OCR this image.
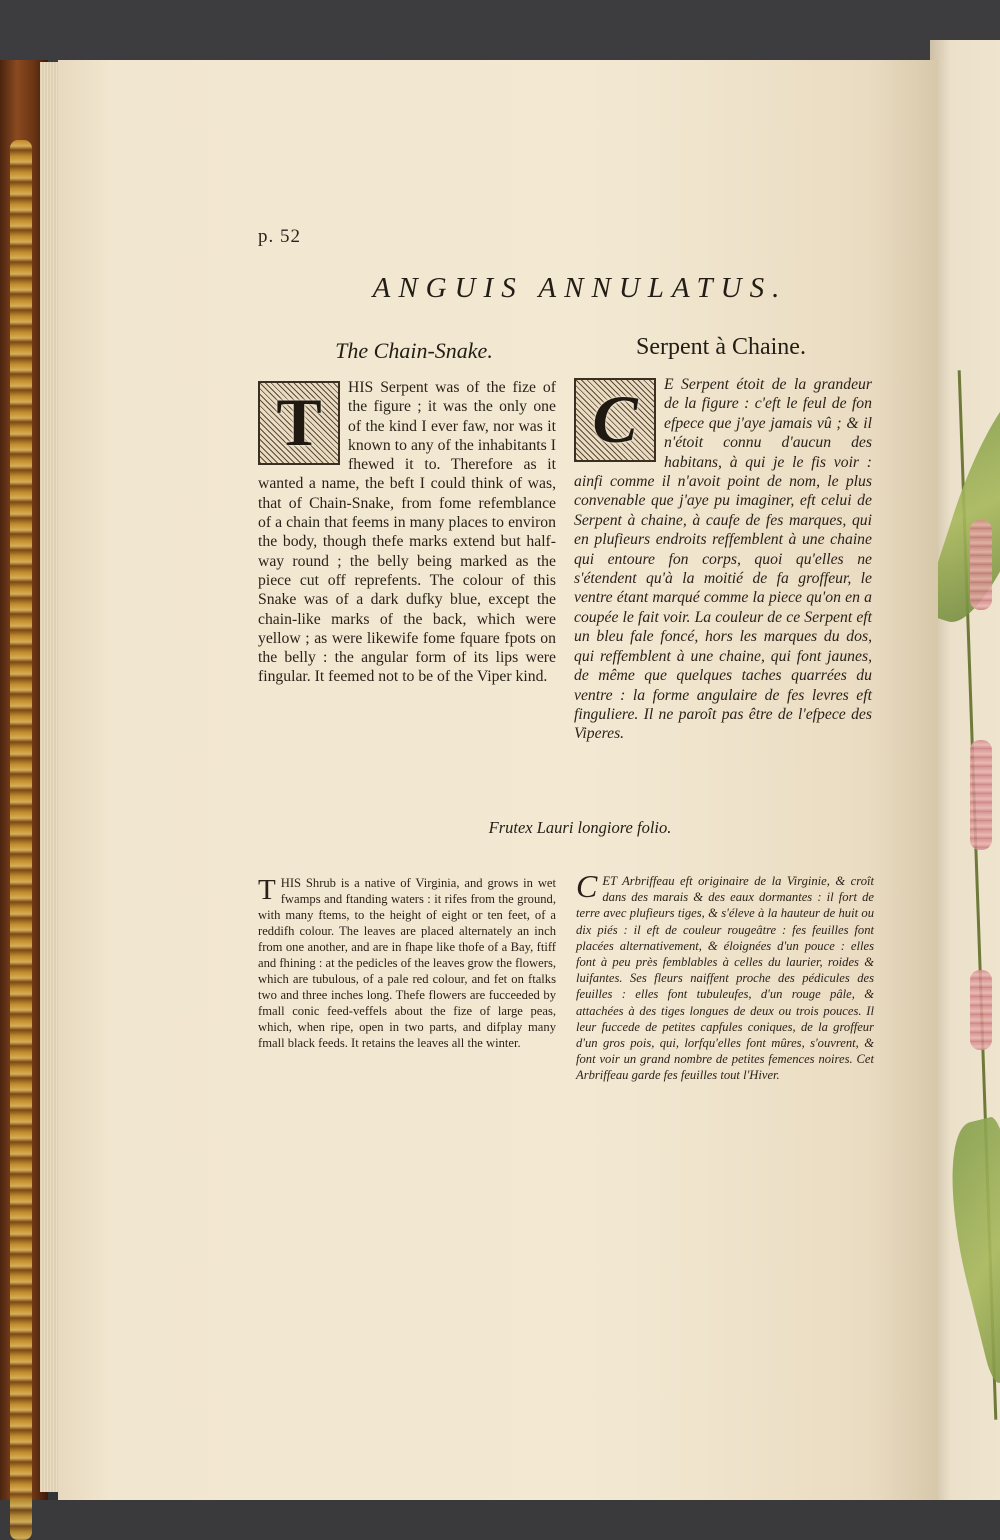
p. 52
ANGUIS ANNULATUS.
The Chain-Snake.	Serpent à Chaine.
T	HIS Serpent was of the fize of the figure ; it was the only one of the kind I ever faw, nor was it known to any of the inhabitants I fhewed it to. Therefore as it wanted a name, the beft I could think of was, that of Chain-Snake, from fome refemblance of a chain that feems in many places to environ the body, though thefe marks extend but half-way round ; the belly being marked as the piece cut off reprefents. The colour of this Snake was of a dark dufky blue, except the chain-like marks of the back, which were yellow ; as were likewife fome fquare fpots on the belly : the angular form of its lips were fingular. It feemed not to be of the Viper kind.
C	E Serpent étoit de la grandeur de la figure : c'eft le feul de fon efpece que j'aye jamais vû ; & il n'étoit connu d'aucun des habitans, à qui je le fis voir : ainfi comme il n'avoit point de nom, le plus convenable que j'aye pu imaginer, eft celui de Serpent à chaine, à caufe de fes marques, qui en plufieurs endroits reffemblent à une chaine qui entoure fon corps, quoi qu'elles ne s'étendent qu'à la moitié de fa groffeur, le ventre étant marqué comme la piece qu'on en a coupée le fait voir. La couleur de ce Serpent eft un bleu fale foncé, hors les marques du dos, qui reffemblent à une chaine, qui font jaunes, de même que quelques taches quarrées du ventre : la forme angulaire de fes levres eft finguliere. Il ne paroît pas être de l'efpece des Viperes.
Frutex Lauri longiore folio.
T HIS Shrub is a native of Virginia, and grows in wet fwamps and ftanding waters : it rifes from the ground, with many ftems, to the height of eight or ten feet, of a reddifh colour. The leaves are placed alternately an inch from one another, and are in fhape like thofe of a Bay, ftiff and fhining : at the pedicles of the leaves grow the flowers, which are tubulous, of a pale red colour, and fet on ftalks two and three inches long. Thefe flowers are fucceeded by fmall conic feed-veffels about the fize of large peas, which, when ripe, open in two parts, and difplay many fmall black feeds. It retains the leaves all the winter.
C ET Arbriffeau eft originaire de la Virginie, & croît dans des marais & des eaux dormantes : il fort de terre avec plufieurs tiges, & s'éleve à la hauteur de huit ou dix piés : il eft de couleur rougeâtre : fes feuilles font placées alternativement, & éloignées d'un pouce : elles font à peu près femblables à celles du laurier, roides & luifantes. Ses fleurs naiffent proche des pédicules des feuilles : elles font tubuleufes, d'un rouge pâle, & attachées à des tiges longues de deux ou trois pouces. Il leur fuccede de petites capfules coniques, de la groffeur d'un gros pois, qui, lorfqu'elles font mûres, s'ouvrent, & font voir un grand nombre de petites femences noires. Cet Arbriffeau garde fes feuilles tout l'Hiver.
